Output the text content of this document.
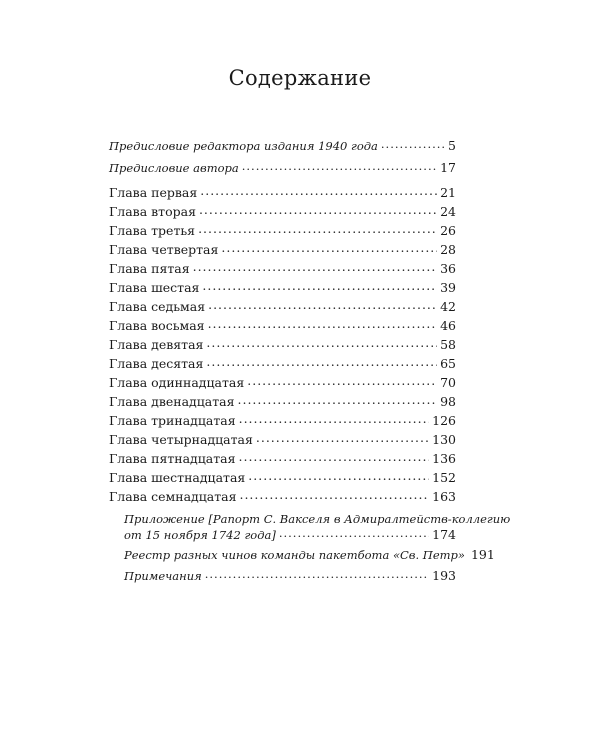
Содержание
Предисловие редактора издания 1940 года .....	5
Предисловие автора .....	17
Глава первая .....	21
Глава вторая .....	24
Глава третья .....	26
Глава четвертая .....	28
Глава пятая .....	36
Глава шестая .....	39
Глава седьмая .....	42
Глава восьмая .....	46
Глава девятая .....	58
Глава десятая .....	65
Глава одиннадцатая .....	70
Глава двенадцатая .....	98
Глава тринадцатая .....	126
Глава четырнадцатая .....	130
Глава пятнадцатая .....	136
Глава шестнадцатая .....	152
Глава семнадцатая .....	163
Приложение [Рапорт С. Вакселя в Адмиралтейств-коллегию
от 15 ноября 1742 года] .....	174
Реестр разных чинов команды пакетбота «Св. Петр» 191
Примечания .....	193
